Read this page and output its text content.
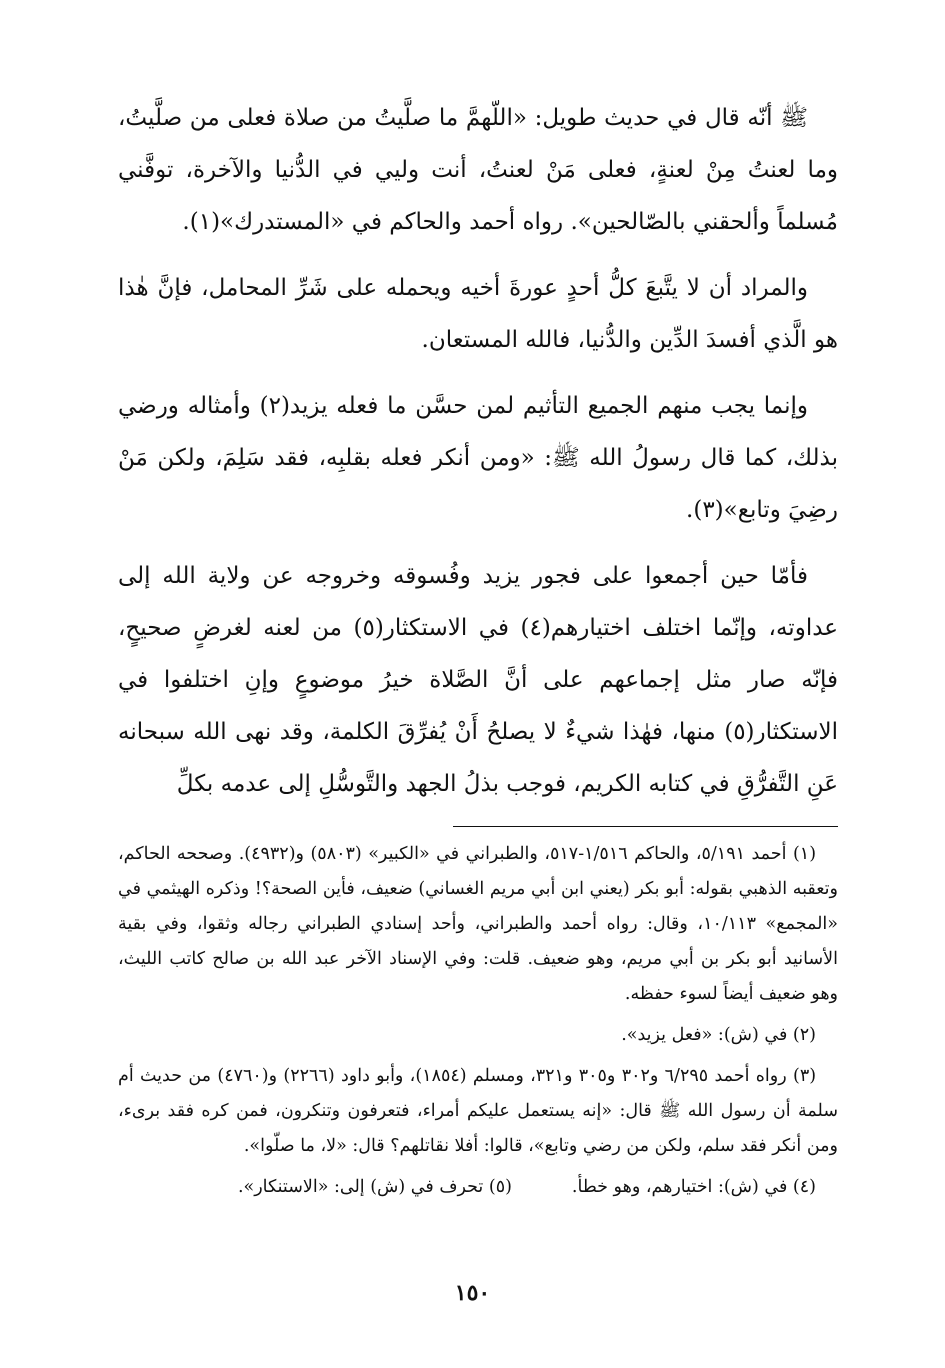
ﷺ أنّه قال في حديث طويل: «اللّهمَّ ما صلَّيتُ من صلاة فعلى من صلَّيتُ، وما لعنتُ مِنْ لعنةٍ، فعلى مَنْ لعنتُ، أنت وليي في الدُّنيا والآخرة، توفَّني مُسلماً وألحقني بالصّالحين». رواه أحمد والحاكم في «المستدرك»(١).

والمراد أن لا يتَّبعَ كلُّ أحدٍ عورةَ أخيه ويحمله على شَرِّ المحامل، فإنَّ هٰذا هو الَّذي أفسدَ الدِّين والدُّنيا، فالله المستعان.

وإنما يجب منهم الجميع التأثيم لمن حسَّن ما فعله يزيد(٢) وأمثاله ورضي بذلك، كما قال رسولُ الله ﷺ: «ومن أنكر فعله بقلبِه، فقد سَلِمَ، ولكن مَنْ رضِيَ وتابع»(٣).

فأمّا حين أجمعوا على فجور يزيد وفُسوقه وخروجه عن ولاية الله إلى عداوته، وإنّما اختلف اختيارهم(٤) في الاستكثار(٥) من لعنه لغرضٍ صحيحٍ، فإنّه صار مثل إجماعهم على أنَّ الصَّلاة خيرُ موضوعٍ وإنِ اختلفوا في الاستكثار(٥) منها، فهٰذا شيءٌ لا يصلحُ أَنْ يُفرِّقَ الكلمة، وقد نهى الله سبحانه عَنِ التَّفرُّقِ في كتابه الكريم، فوجب بذلُ الجهد والتَّوسُّلِ إلى عدمه بكلِّ

(١) أحمد ٥/١٩١، والحاكم ١/٥١٦-٥١٧، والطبراني في «الكبير» (٥٨٠٣) و(٤٩٣٢). وصححه الحاكم، وتعقبه الذهبي بقوله: أبو بكر (يعني ابن أبي مريم الغساني) ضعيف، فأين الصحة؟! وذكره الهيثمي في «المجمع» ١٠/١١٣، وقال: رواه أحمد والطبراني، وأحد إسنادي الطبراني رجاله وثقوا، وفي بقية الأسانيد أبو بكر بن أبي مريم، وهو ضعيف. قلت: وفي الإسناد الآخر عبد الله بن صالح كاتب الليث، وهو ضعيف أيضاً لسوء حفظه.

(٢) في (ش): «فعل يزيد».

(٣) رواه أحمد ٦/٢٩٥ و٣٠٢ و٣٠٥ و٣٢١، ومسلم (١٨٥٤)، وأبو داود (٢٢٦٦) و(٤٧٦٠) من حديث أم سلمة أن رسول الله ﷺ قال: «إنه يستعمل عليكم أمراء، فتعرفون وتنكرون، فمن كره فقد برىء، ومن أنكر فقد سلم، ولكن من رضي وتابع»، قالوا: أفلا نقاتلهم؟ قال: «لا، ما صلّوا».

(٤) في (ش): اختيارهم، وهو خطأ.
(٥) تحرف في (ش) إلى: «الاستنكار».
١٥٠
